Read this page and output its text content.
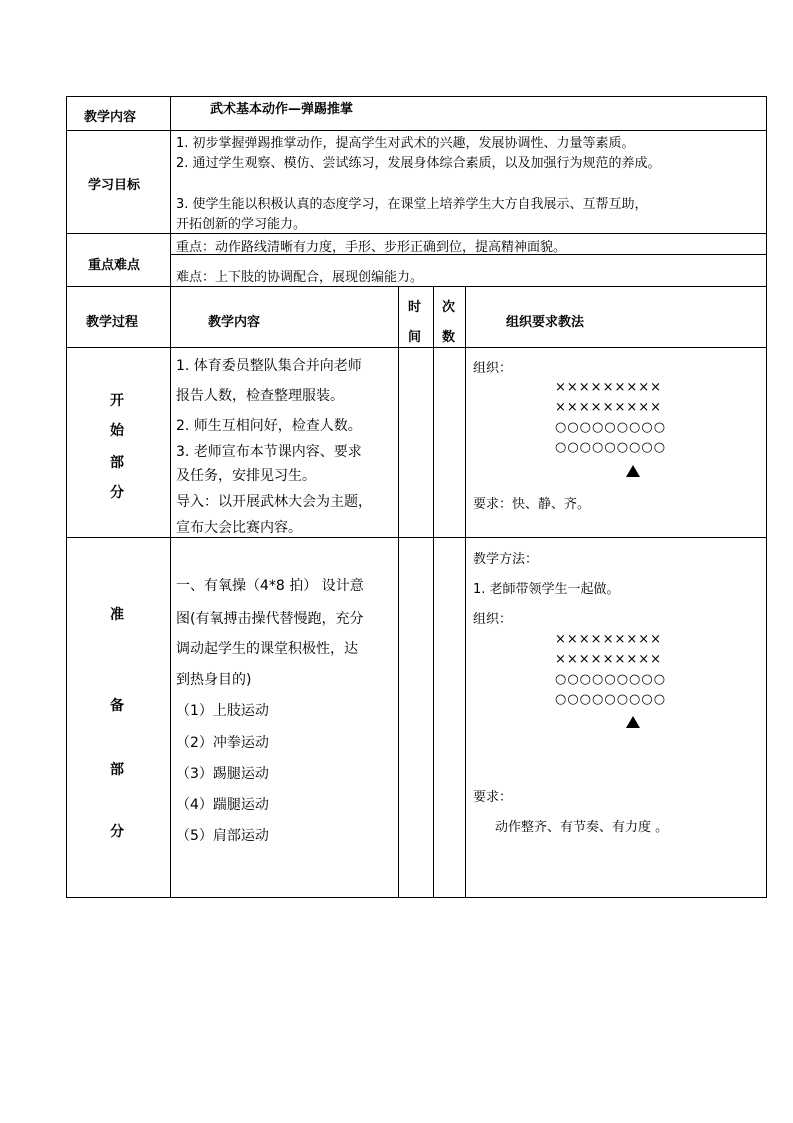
教学内容
武术基本动作—弹踢推掌
学习目标
1. 初步掌握弹踢推掌动作，提高学生对武术的兴趣，发展协调性、力量等素质。
2. 通过学生观察、模仿、尝试练习，发展身体综合素质，以及加强行为规范的养成。
3. 使学生能以积极认真的态度学习，在课堂上培养学生大方自我展示、互帮互助，
开拓创新的学习能力。
重点难点
重点：动作路线清晰有力度，手形、步形正确到位，提高精神面貌。
难点：上下肢的协调配合，展现创编能力。
教学过程	教学内容
时
间
次
数
组织要求教法
开
始
部
分
1. 体育委员整队集合并向老师
报告人数，检查整理服装。
2. 师生互相问好，检查人数。
3. 老师宣布本节课内容、要求
及任务，安排见习生。
导入：以开展武林大会为主题，
宣布大会比赛内容。
组织：
×××××××××
×××××××××
○○○○○○○○○
○○○○○○○○○
要求：快、静、齐。
准
备
部
分
一、有氧操（4*8 拍） 设计意
图(有氧搏击操代替慢跑，充分
调动起学生的课堂积极性，达
到热身目的)
（1）上肢运动
（2）冲拳运动
（3）踢腿运动
（4）踹腿运动
（5）肩部运动
教学方法：
1. 老師带领学生一起做。
组织：
×××××××××
×××××××××
○○○○○○○○○
○○○○○○○○○
要求：
动作整齐、有节奏、有力度 。
